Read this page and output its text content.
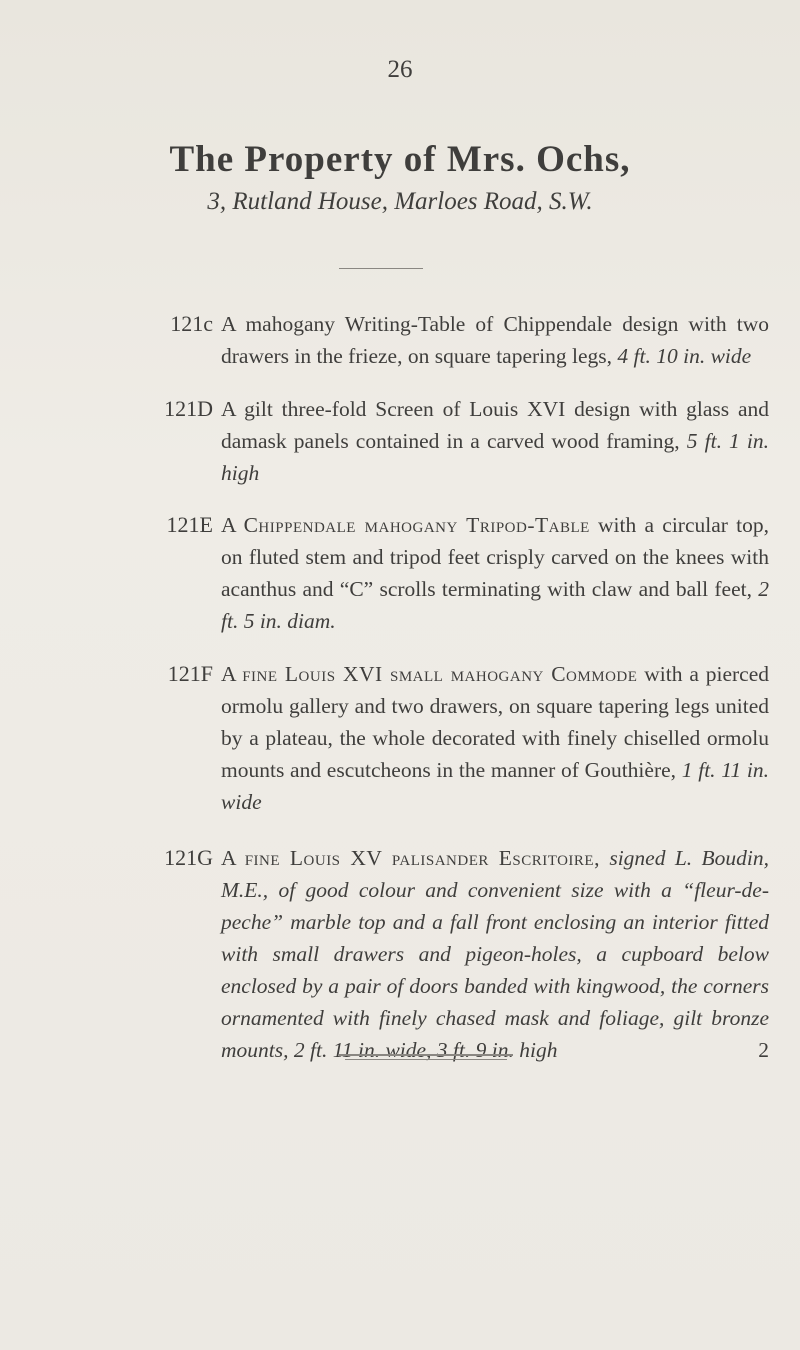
26
The Property of Mrs. Ochs,
3, Rutland House, Marloes Road, S.W.
121c A mahogany Writing-Table of Chippendale design with two drawers in the frieze, on square tapering legs, 4 ft. 10 in. wide
121D A gilt three-fold Screen of Louis XVI design with glass and damask panels contained in a carved wood framing, 5 ft. 1 in. high
121E A Chippendale mahogany Tripod-Table with a circular top, on fluted stem and tripod feet crisply carved on the knees with acanthus and “C” scrolls terminating with claw and ball feet, 2 ft. 5 in. diam.
121F A fine Louis XVI small mahogany Commode with a pierced ormolu gallery and two drawers, on square tapering legs united by a plateau, the whole decorated with finely chiselled ormolu mounts and escutcheons in the manner of Gouthière, 1 ft. 11 in. wide
121G A fine Louis XV palisander Escritoire, signed L. Boudin, M.E., of good colour and convenient size with a “fleur-de-peche” marble top and a fall front enclosing an interior fitted with small drawers and pigeon-holes, a cupboard below enclosed by a pair of doors banded with kingwood, the corners ornamented with finely chased mask and foliage, gilt bronze mounts, 2 ft. 11 in. wide, 3 ft. 9 in. high	2
